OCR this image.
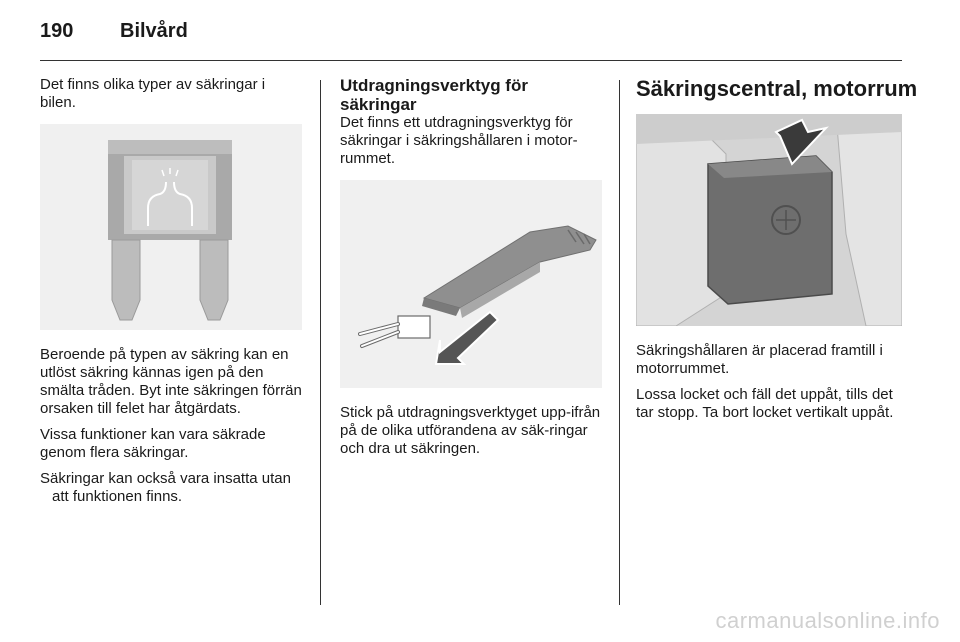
190 Bilvård

Det finns olika typer av säkringar i bilen.

Beroende på typen av säkring kan en utlöst säkring kännas igen på den smälta tråden. Byt inte säkringen förrän orsaken till felet har åtgärdats.

Vissa funktioner kan vara säkrade genom flera säkringar.

Säkringar kan också vara insatta utan att funktionen finns.

Utdragningsverktyg för säkringar

Det finns ett utdragningsverktyg för säkringar i säkringshållaren i motor-rummet.

Stick på utdragningsverktyget upp-ifrån på de olika utförandena av säk-ringar och dra ut säkringen.

Säkringscentral, motorrum

Säkringshållaren är placerad framtill i motorrummet.

Lossa locket och fäll det uppåt, tills det tar stopp. Ta bort locket vertikalt uppåt.

carmanualsonline.info
